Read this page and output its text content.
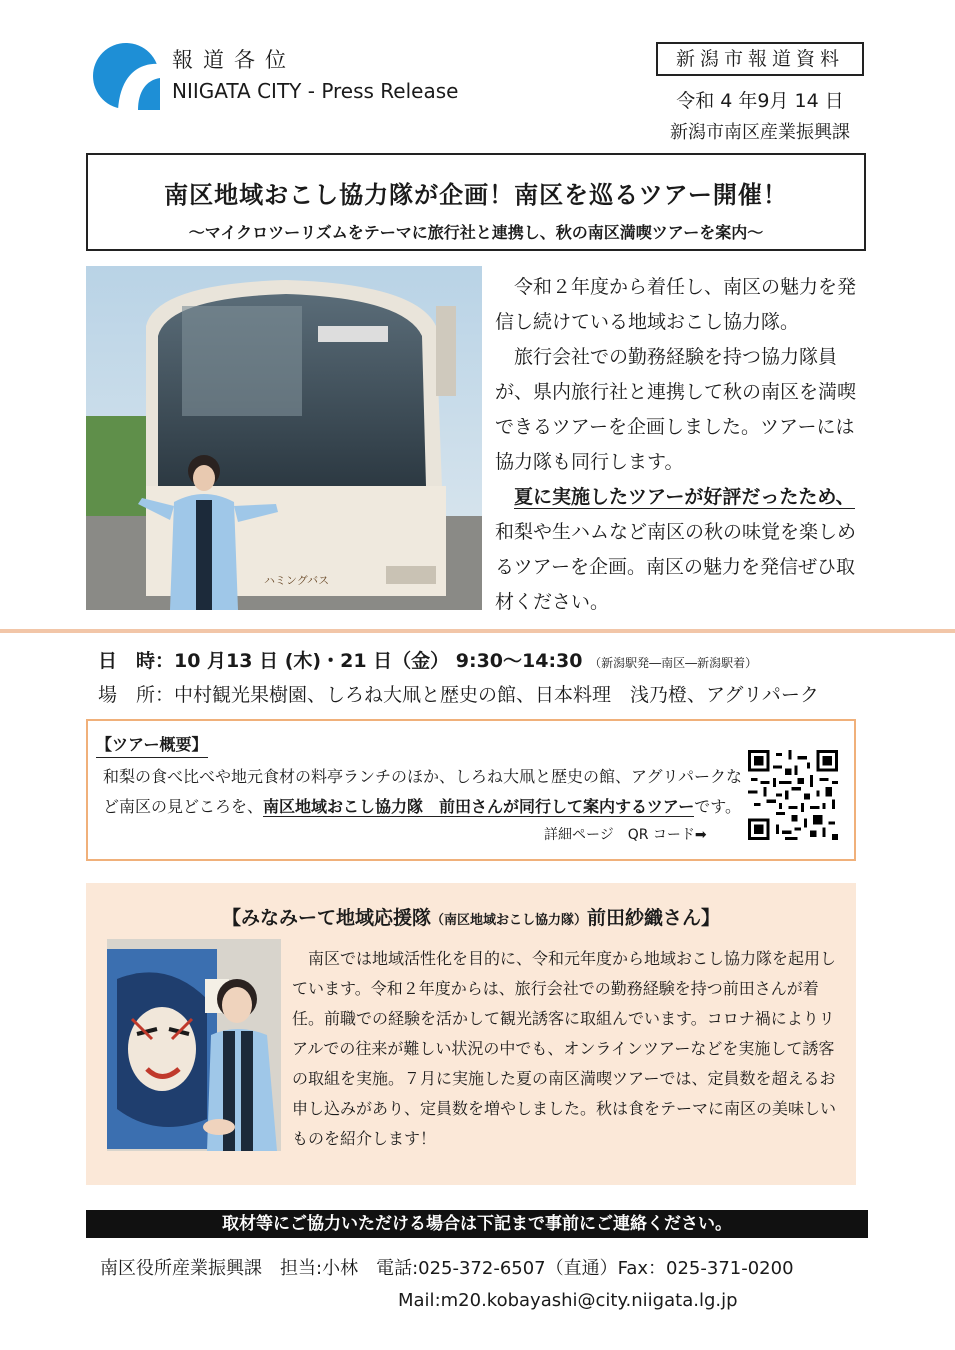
報道各位
NIIGATA CITY - Press Release
新潟市報道資料
令和 4 年9月 14 日
新潟市南区産業振興課
南区地域おこし協力隊が企画！南区を巡るツアー開催！
～マイクロツーリズムをテーマに旅行社と連携し、秋の南区満喫ツアーを案内～
ハミングバス

令和２年度から着任し、南区の魅力を発信し続けている地域おこし協力隊。

旅行会社での勤務経験を持つ協力隊員が、県内旅行社と連携して秋の南区を満喫できるツアーを企画しました。ツアーには協力隊も同行します。

夏に実施したツアーが好評だったため、和梨や生ハムなど南区の秋の味覚を楽しめるツアーを企画。南区の魅力を発信ぜひ取材ください。

日　時：10 月13 日 (木)・21 日（金） 9:30～14:30 （新潟駅発―南区―新潟駅着）
場　所：中村観光果樹園、しろね大凧と歴史の館、日本料理　浅乃橙、アグリパーク
【ツアー概要】
和梨の食べ比べや地元食材の料亭ランチのほか、しろね大凧と歴史の館、アグリパークなど南区の見どころを、南区地域おこし協力隊　前田さんが同行して案内するツアーです。
詳細ページ　QR コード➡
【みなみーて地域応援隊（南区地域おこし協力隊）前田紗織さん】

南区では地域活性化を目的に、令和元年度から地域おこし協力隊を起用しています。令和２年度からは、旅行会社での勤務経験を持つ前田さんが着任。前職での経験を活かして観光誘客に取組んでいます。コロナ禍によりリアルでの往来が難しい状況の中でも、オンラインツアーなどを実施して誘客の取組を実施。７月に実施した夏の南区満喫ツアーでは、定員数を超えるお申し込みがあり、定員数を増やしました。秋は食をテーマに南区の美味しいものを紹介します！

取材等にご協力いただける場合は下記まで事前にご連絡ください。
南区役所産業振興課　担当:小林　電話:025-372-6507（直通）Fax：025-371-0200
Mail:m20.kobayashi@city.niigata.lg.jp
